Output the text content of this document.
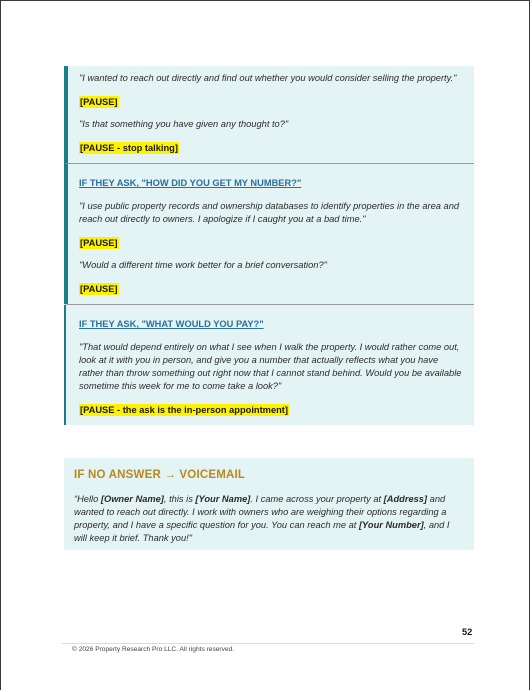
"I wanted to reach out directly and find out whether you would consider selling the property."

[PAUSE]

"Is that something you have given any thought to?"

[PAUSE - stop talking]
IF THEY ASK, "HOW DID YOU GET MY NUMBER?"

"I use public property records and ownership databases to identify properties in the area and reach out directly to owners. I apologize if I caught you at a bad time."

[PAUSE]

"Would a different time work better for a brief conversation?"

[PAUSE]
IF THEY ASK, "WHAT WOULD YOU PAY?"

"That would depend entirely on what I see when I walk the property. I would rather come out, look at it with you in person, and give you a number that actually reflects what you have rather than throw something out right now that I cannot stand behind. Would you be available sometime this week for me to come take a look?"

[PAUSE - the ask is the in-person appointment]
IF NO ANSWER → VOICEMAIL

“Hello [Owner Name], this is [Your Name]. I came across your property at [Address] and wanted to reach out directly. I work with owners who are weighing their options regarding a property, and I have a specific question for you. You can reach me at [Your Number], and I will keep it brief. Thank you!"

52
© 2026 Property Research Pro LLC. All rights reserved.
